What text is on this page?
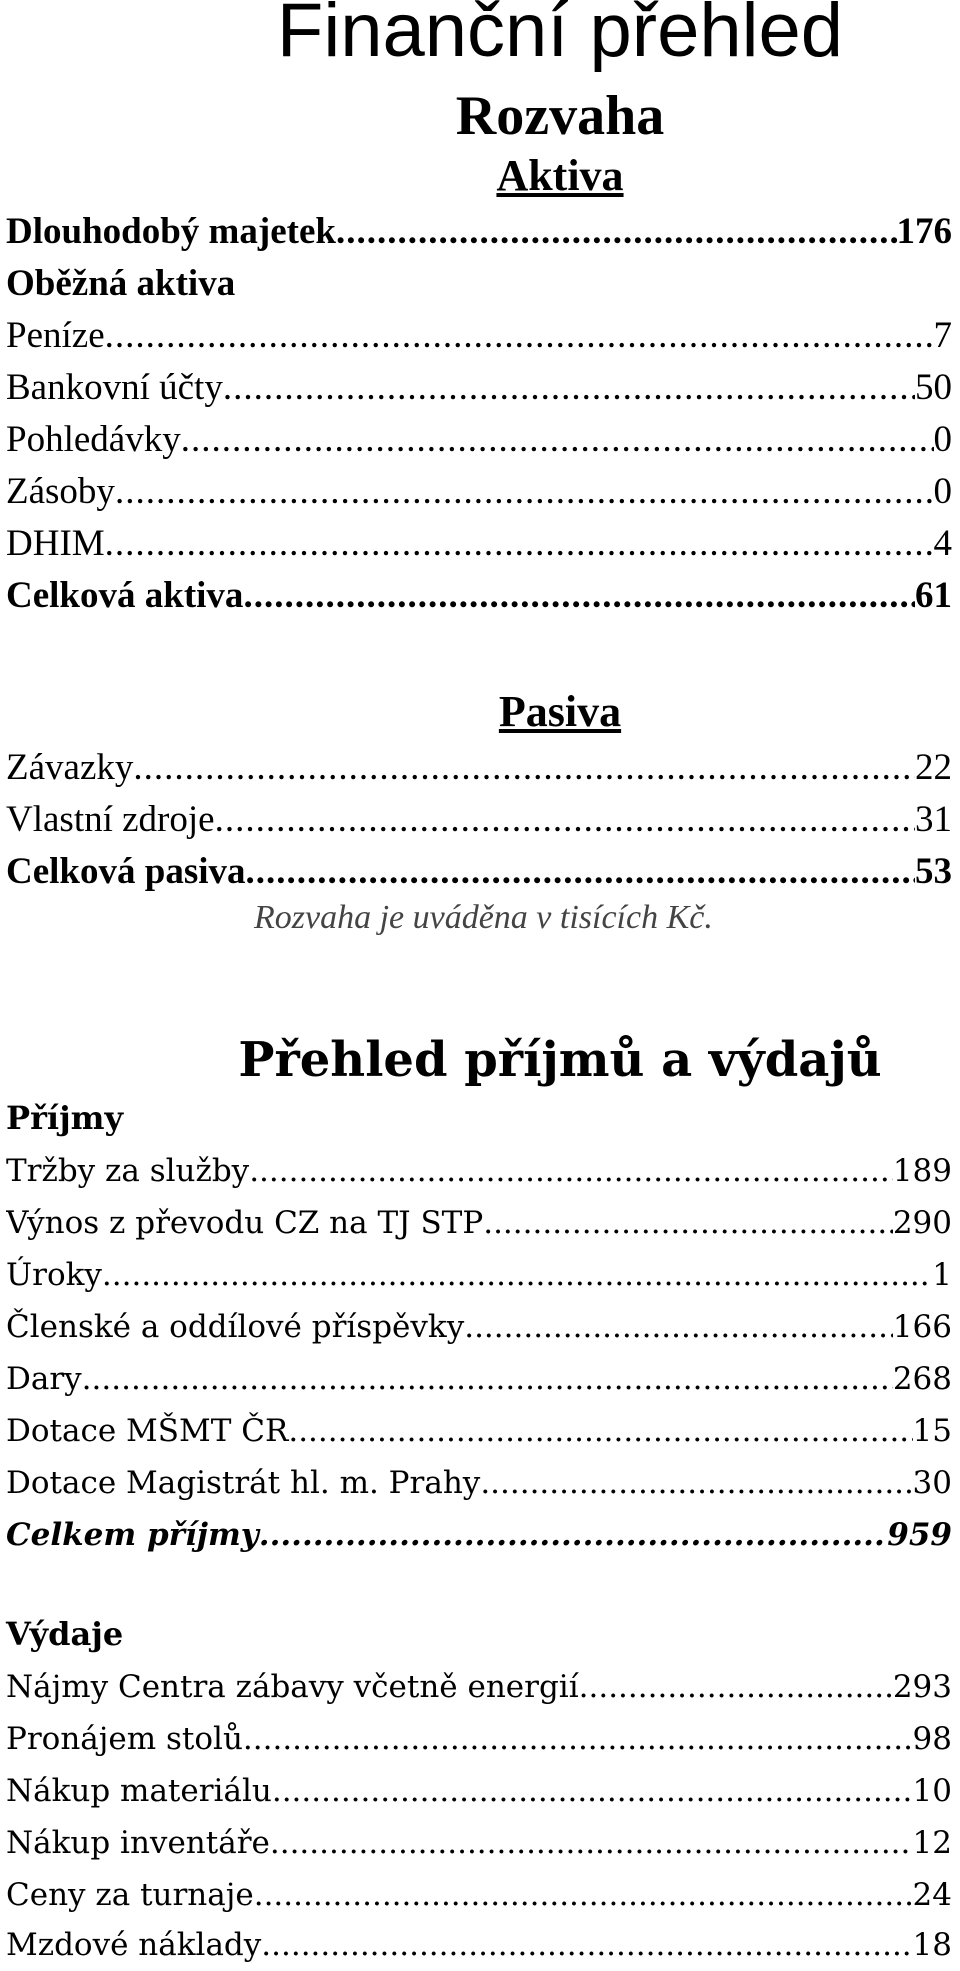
Finanční přehled
Rozvaha
Aktiva
Dlouhodobý majetek .....	176
Oběžná aktiva
Peníze .....	7
Bankovní účty .....	50
Pohledávky .....	0
Zásoby .....	0
DHIM .....	4
Celková aktiva .....	61
Pasiva
Závazky .....	22
Vlastní zdroje .....	31
Celková pasiva .....	53
Rozvaha je uváděna v tisících Kč.
Přehled příjmů a výdajů
Příjmy
Tržby za služby .....	189
Výnos z převodu CZ na TJ STP .....	290
Úroky .....	1
Členské a oddílové příspěvky .....	166
Dary .....	268
Dotace MŠMT ČR .....	15
Dotace Magistrát hl. m. Prahy .....	30
Celkem příjmy .....	959
Výdaje
Nájmy Centra zábavy včetně energií .....	293
Pronájem stolů .....	98
Nákup materiálu .....	10
Nákup inventáře .....	12
Ceny za turnaje .....	24
Mzdové náklady .....	18
